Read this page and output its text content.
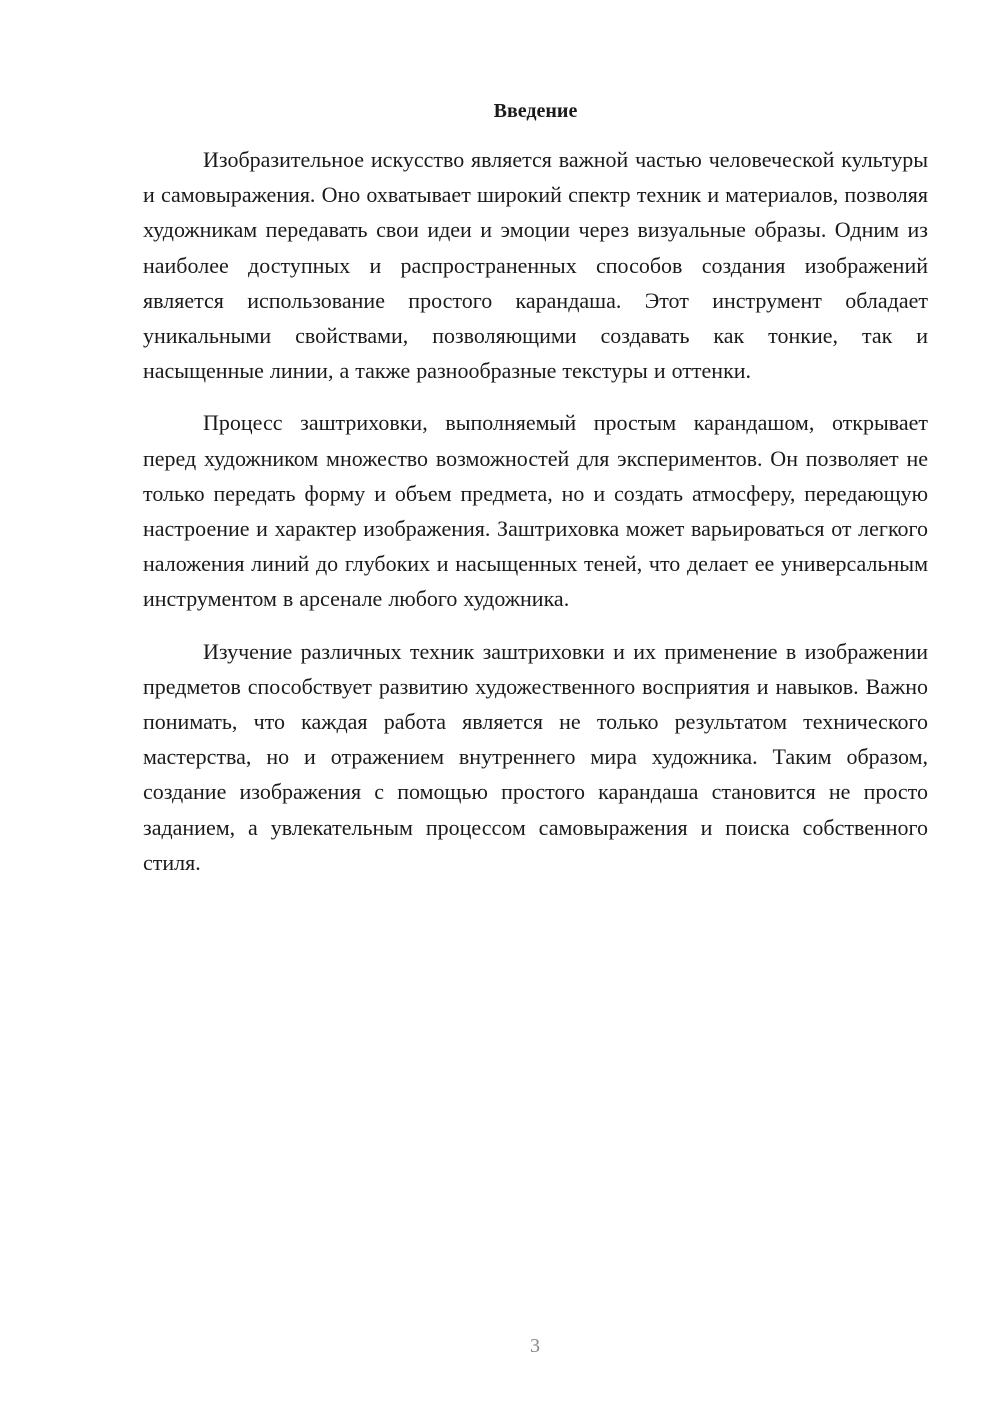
Введение

Изобразительное искусство является важной частью человеческой культуры и самовыражения. Оно охватывает широкий спектр техник и материалов, позволяя художникам передавать свои идеи и эмоции через визуальные образы. Одним из наиболее доступных и распространенных способов создания изображений является использование простого карандаша. Этот инструмент обладает уникальными свойствами, позволяющими создавать как тонкие, так и насыщенные линии, а также разнообразные текстуры и оттенки.

Процесс заштриховки, выполняемый простым карандашом, открывает перед художником множество возможностей для экспериментов. Он позволяет не только передать форму и объем предмета, но и создать атмосферу, передающую настроение и характер изображения. Заштриховка может варьироваться от легкого наложения линий до глубоких и насыщенных теней, что делает ее универсальным инструментом в арсенале любого художника.

Изучение различных техник заштриховки и их применение в изображении предметов способствует развитию художественного восприятия и навыков. Важно понимать, что каждая работа является не только результатом технического мастерства, но и отражением внутреннего мира художника. Таким образом, создание изображения с помощью простого карандаша становится не просто заданием, а увлекательным процессом самовыражения и поиска собственного стиля.

3
